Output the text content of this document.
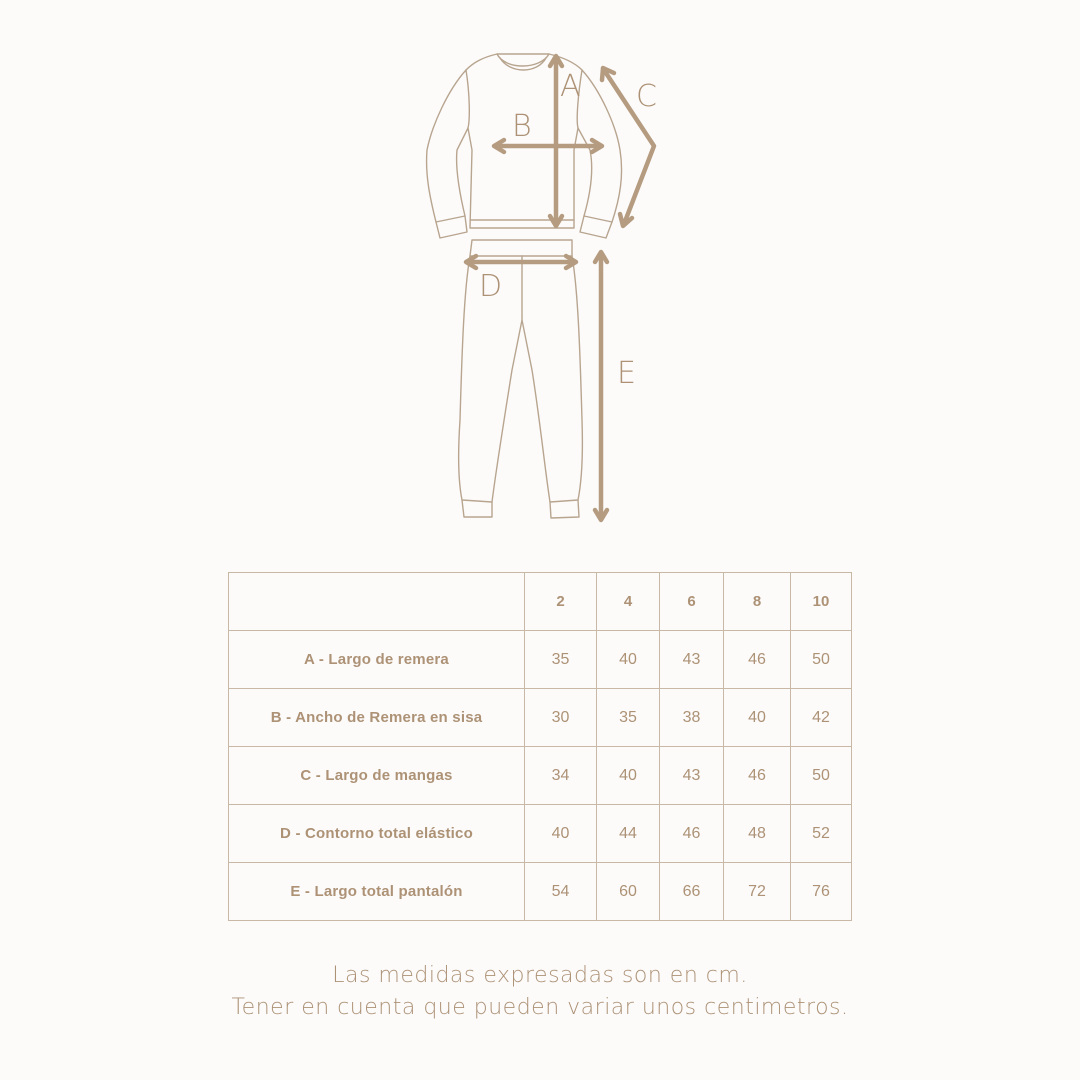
A
B
C
D
E
	2	4	6	8	10
A - Largo de remera	35	40	43	46	50
B - Ancho de Remera en sisa	30	35	38	40	42
C - Largo de mangas	34	40	43	46	50
D - Contorno total elástico	40	44	46	48	52
E - Largo total pantalón	54	60	66	72	76
Las medidas expresadas son en cm.
Tener en cuenta que pueden variar unos centimetros.
